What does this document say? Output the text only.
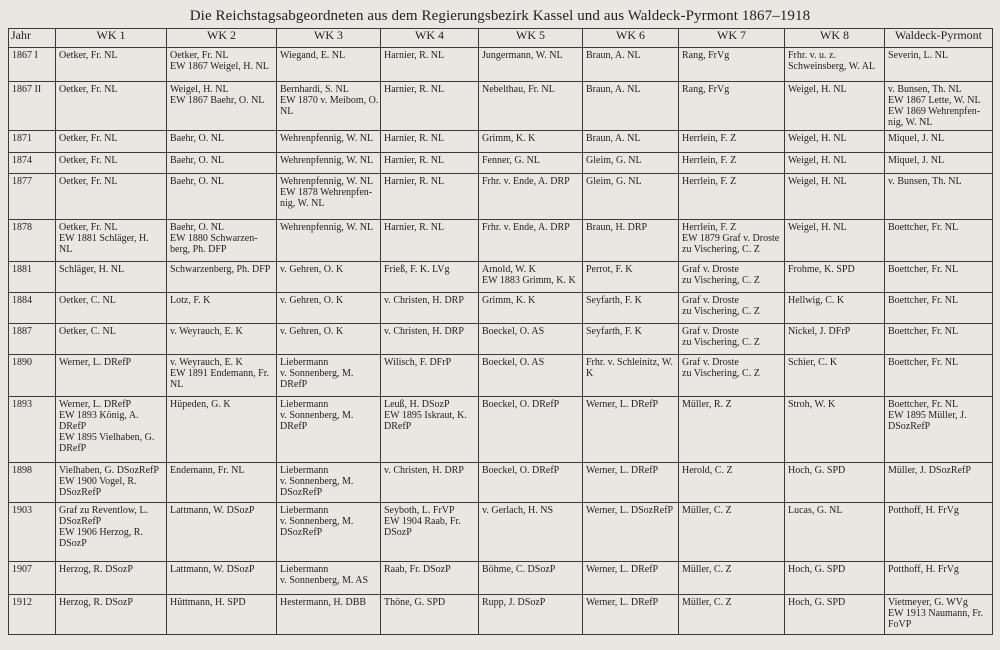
Die Reichstagsabgeordneten aus dem Regierungsbezirk Kassel und aus Waldeck-Pyrmont 1867–1918
Jahr	WK 1	WK 2	WK 3	WK 4	WK 5	WK 6	WK 7	WK 8	Waldeck-Pyrmont
1867 I	Oetker, Fr. NL	Oetker, Fr. NL
EW 1867 Weigel, H. NL	Wiegand, E. NL	Harnier, R. NL	Jungermann, W. NL	Braun, A. NL	Rang, FrVg	Frhr. v. u. z.
Schweinsberg, W. AL	Severin, L. NL

1867 II	Oetker, Fr. NL	Weigel, H. NL
EW 1867 Baehr, O. NL	Bernhardi, S. NL
EW 1870 v. Meibom, O.
NL	Harnier, R. NL	Nebelthau, Fr. NL	Braun, A. NL	Rang, FrVg	Weigel, H. NL	v. Bunsen, Th. NL
EW 1867 Lette, W. NL
EW 1869 Wehrenpfen-
nig, W. NL

1871	Oetker, Fr. NL	Baehr, O. NL	Wehrenpfennig, W. NL	Harnier, R. NL	Grimm, K. K	Braun, A. NL	Herrlein, F. Z	Weigel, H. NL	Miquel, J. NL

1874	Oetker, Fr. NL	Baehr, O. NL	Wehrenpfennig, W. NL	Harnier, R. NL	Fenner, G. NL	Gleim, G. NL	Herrlein, F. Z	Weigel, H. NL	Miquel, J. NL

1877	Oetker, Fr. NL	Baehr, O. NL	Wehrenpfennig, W. NL
EW 1878 Wehrenpfen-
nig, W. NL	Harnier, R. NL	Frhr. v. Ende, A. DRP	Gleim, G. NL	Herrlein, F. Z	Weigel, H. NL	v. Bunsen, Th. NL

1878	Oetker, Fr. NL
EW 1881 Schläger, H.
NL	Baehr, O. NL
EW 1880 Schwarzen-
berg, Ph. DFP	Wehrenpfennig, W. NL	Harnier, R. NL	Frhr. v. Ende, A. DRP	Braun, H. DRP	Herrlein, F. Z
EW 1879 Graf v. Droste
zu Vischering, C. Z	Weigel, H. NL	Boettcher, Fr. NL

1881	Schläger, H. NL	Schwarzenberg, Ph. DFP	v. Gehren, O. K	Frieß, F. K. LVg	Arnold, W. K
EW 1883 Grimm, K. K	Perrot, F. K	Graf v. Droste
zu Vischering, C. Z	Frohme, K. SPD	Boettcher, Fr. NL

1884	Oetker, C. NL	Lotz, F. K	v. Gehren, O. K	v. Christen, H. DRP	Grimm, K. K	Seyfarth, F. K	Graf v. Droste
zu Vischering, C. Z	Hellwig, C. K	Boettcher, Fr. NL

1887	Oetker, C. NL	v. Weyrauch, E. K	v. Gehren, O. K	v. Christen, H. DRP	Boeckel, O. AS	Seyfarth, F. K	Graf v. Droste
zu Vischering, C. Z	Nickel, J. DFrP	Boettcher, Fr. NL

1890	Werner, L. DRefP	v. Weyrauch, E. K
EW 1891 Endemann, Fr.
NL	Liebermann
v. Sonnenberg, M.
DRefP	Wilisch, F. DFrP	Boeckel, O. AS	Frhr. v. Schleinitz, W.
K	Graf v. Droste
zu Vischering, C. Z	Schier, C. K	Boettcher, Fr. NL

1893	Werner, L. DRefP
EW 1893 König, A.
DRefP
EW 1895 Vielhaben, G.
DRefP	Hüpeden, G. K	Liebermann
v. Sonnenberg, M.
DRefP	Leuß, H. DSozP
EW 1895 Iskraut, K.
DRefP	Boeckel, O. DRefP	Werner, L. DRefP	Müller, R. Z	Stroh, W. K	Boettcher, Fr. NL
EW 1895 Müller, J.
DSozRefP

1898	Vielhaben, G. DSozRefP
EW 1900 Vogel, R.
DSozRefP	Endemann, Fr. NL	Liebermann
v. Sonnenberg, M.
DSozRefP	v. Christen, H. DRP	Boeckel, O. DRefP	Werner, L. DRefP	Herold, C. Z	Hoch, G. SPD	Müller, J. DSozRefP

1903	Graf zu Reventlow, L.
DSozRefP
EW 1906 Herzog, R.
DSozP	Lattmann, W. DSozP	Liebermann
v. Sonnenberg, M.
DSozRefP	Seyboth, L. FrVP
EW 1904 Raab, Fr.
DSozP	v. Gerlach, H. NS	Werner, L. DSozRefP	Müller, C. Z	Lucas, G. NL	Potthoff, H. FrVg

1907	Herzog, R. DSozP	Lattmann, W. DSozP	Liebermann
v. Sonnenberg, M. AS	Raab, Fr. DSozP	Böhme, C. DSozP	Werner, L. DRefP	Müller, C. Z	Hoch, G. SPD	Potthoff, H. FrVg

1912	Herzog, R. DSozP	Hüttmann, H. SPD	Hestermann, H. DBB	Thöne, G. SPD	Rupp, J. DSozP	Werner, L. DRefP	Müller, C. Z	Hoch, G. SPD	Vietmeyer, G. WVg
EW 1913 Naumann, Fr.
FoVP
